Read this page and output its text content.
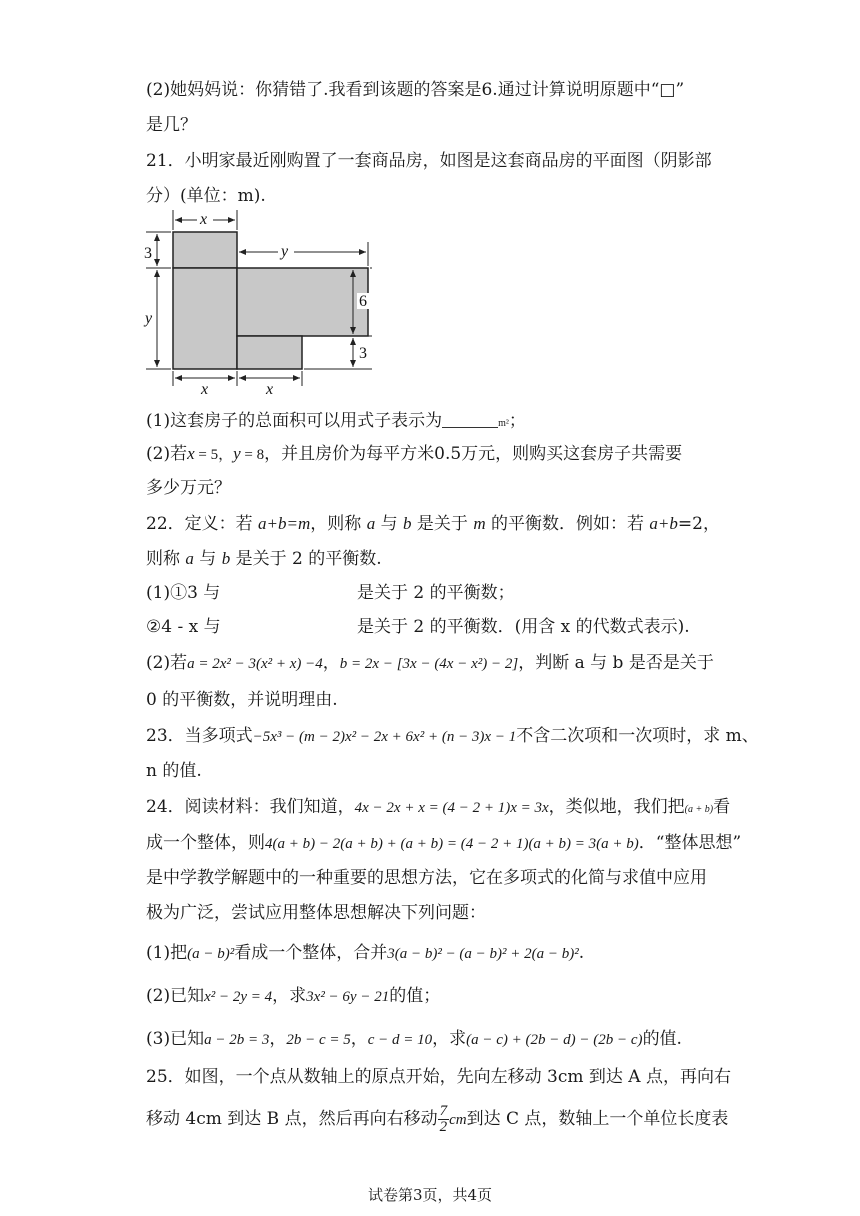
(2)她妈妈说：你猜错了.我看到该题的答案是6.通过计算说明原题中“□”
是几？
21．小明家最近刚购置了一套商品房，如图是这套商品房的平面图（阴影部
分）(单位：m).
x
y
3
y
6
3
x	x
(1)这套房子的总面积可以用式子表示为	m²；
(2)若x = 5，y = 8，并且房价为每平方米0.5万元，则购买这套房子共需要
多少万元？
22．定义：若 a+b=m，则称 a 与 b 是关于 m 的平衡数．例如：若 a+b=2，
则称 a 与 b 是关于 2 的平衡数.
(1)①3 与	是关于 2 的平衡数；
②4 - x 与	是关于 2 的平衡数．(用含 x 的代数式表示).
(2)若a = 2x² − 3(x² + x) −4，b = 2x − [3x − (4x − x²) − 2]，判断 a 与 b 是否是关于
0 的平衡数，并说明理由.
23．当多项式−5x³ − (m − 2)x² − 2x + 6x² + (n − 3)x − 1不含二次项和一次项时，求 m、
n 的值.
24．阅读材料：我们知道，4x − 2x + x = (4 − 2 + 1)x = 3x，类似地，我们把(a + b)看
成一个整体，则4(a + b) − 2(a + b) + (a + b) = (4 − 2 + 1)(a + b) = 3(a + b)．“整体思想”
是中学教学解题中的一种重要的思想方法，它在多项式的化简与求值中应用
极为广泛，尝试应用整体思想解决下列问题：
(1)把(a − b)²看成一个整体，合并3(a − b)² − (a − b)² + 2(a − b)².
(2)已知x² − 2y = 4，求3x² − 6y − 21的值；
(3)已知a − 2b = 3，2b − c = 5，c − d = 10，求(a − c) + (2b − d) − (2b − c)的值.
25．如图，一个点从数轴上的原点开始，先向左移动 3cm 到达 A 点，再向右
移动 4cm 到达 B 点，然后再向右移动 $\frac{7}{2}$ cm到达 C 点，数轴上一个单位长度表
试卷第3页，共4页
